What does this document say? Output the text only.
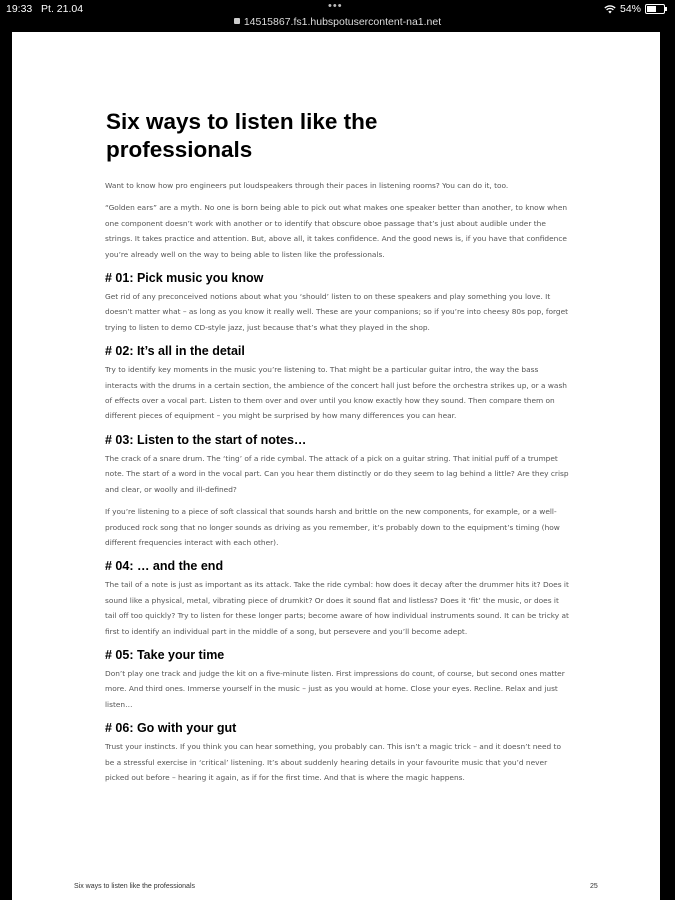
19:33 Pt. 21.04	•••
14515867.fs1.hubspotusercontent-na1.net
54%
Six ways to listen like the professionals

Want to know how pro engineers put loudspeakers through their paces in listening rooms? You can do it, too.

“Golden ears” are a myth. No one is born being able to pick out what makes one speaker better than another, to know when one component doesn’t work with another or to identify that obscure oboe passage that’s just about audible under the strings. It takes practice and attention. But, above all, it takes confidence. And the good news is, if you have that confidence you’re already well on the way to being able to listen like the professionals.

# 01: Pick music you know

Get rid of any preconceived notions about what you ‘should’ listen to on these speakers and play something you love. It doesn’t matter what – as long as you know it really well. These are your companions; so if you’re into cheesy 80s pop, forget trying to listen to demo CD-style jazz, just because that’s what they played in the shop.

# 02: It’s all in the detail

Try to identify key moments in the music you’re listening to. That might be a particular guitar intro, the way the bass interacts with the drums in a certain section, the ambience of the concert hall just before the orchestra strikes up, or a wash of effects over a vocal part. Listen to them over and over until you know exactly how they sound. Then compare them on different pieces of equipment – you might be surprised by how many differences you can hear.

# 03: Listen to the start of notes…

The crack of a snare drum. The ‘ting’ of a ride cymbal. The attack of a pick on a guitar string. That initial puff of a trumpet note. The start of a word in the vocal part. Can you hear them distinctly or do they seem to lag behind a little? Are they crisp and clear, or woolly and ill-defined?

If you’re listening to a piece of soft classical that sounds harsh and brittle on the new components, for example, or a well-produced rock song that no longer sounds as driving as you remember, it’s probably down to the equipment’s timing (how different frequencies interact with each other).

# 04: … and the end

The tail of a note is just as important as its attack. Take the ride cymbal: how does it decay after the drummer hits it? Does it sound like a physical, metal, vibrating piece of drumkit? Or does it sound flat and listless? Does it ‘fit’ the music, or does it tail off too quickly? Try to listen for these longer parts; become aware of how individual instruments sound. It can be tricky at first to identify an individual part in the middle of a song, but persevere and you’ll become adept.

# 05: Take your time

Don’t play one track and judge the kit on a five-minute listen. First impressions do count, of course, but second ones matter more. And third ones. Immerse yourself in the music – just as you would at home. Close your eyes. Recline. Relax and just listen…

# 06: Go with your gut

Trust your instincts. If you think you can hear something, you probably can. This isn’t a magic trick – and it doesn’t need to be a stressful exercise in ‘critical’ listening. It’s about suddenly hearing details in your favourite music that you’d never picked out before – hearing it again, as if for the first time. And that is where the magic happens.

Six ways to listen like the professionals	25
